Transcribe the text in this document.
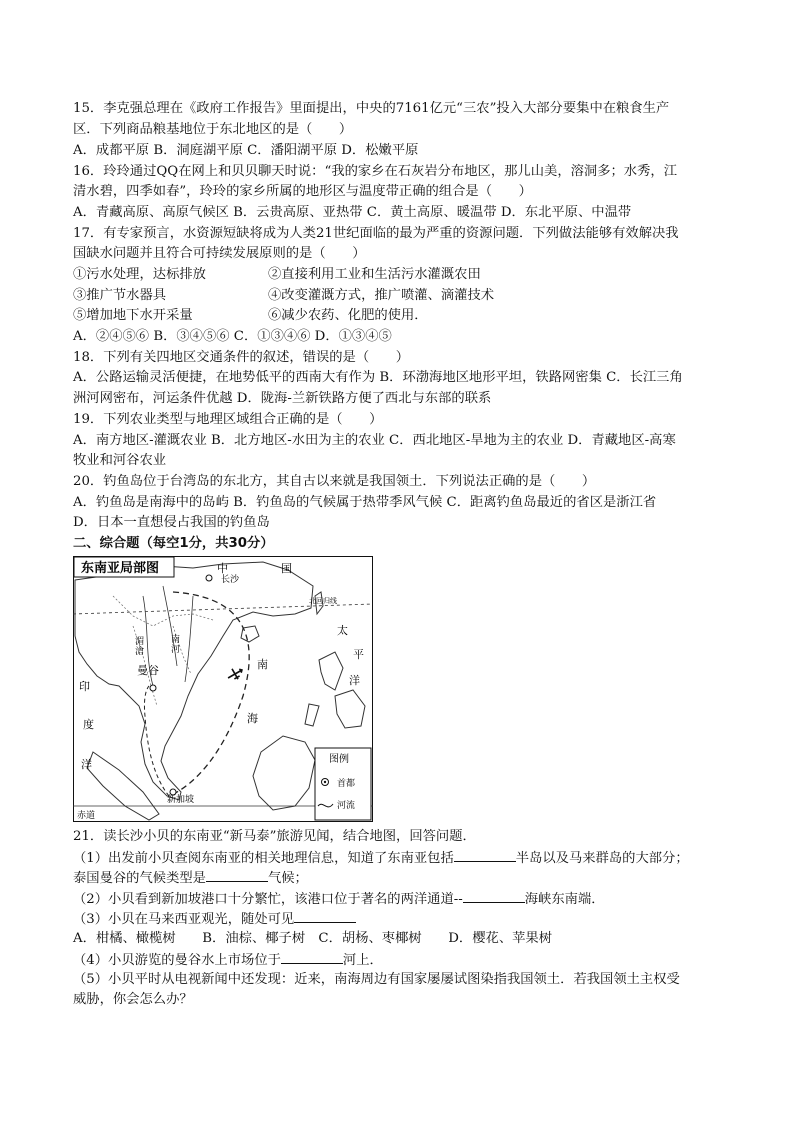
15．李克强总理在《政府工作报告》里面提出，中央的7161亿元“三农”投入大部分要集中在粮食生产
区．下列商品粮基地位于东北地区的是（　　）
A．成都平原 B．洞庭湖平原 C．潘阳湖平原 D．松嫩平原
16．玲玲通过QQ在网上和贝贝聊天时说：“我的家乡在石灰岩分布地区，那儿山美，溶洞多；水秀，江
清水碧，四季如春”，玲玲的家乡所属的地形区与温度带正确的组合是（　　）
A．青藏高原、高原气候区 B．云贵高原、亚热带 C．黄土高原、暖温带 D．东北平原、中温带
17．有专家预言，水资源短缺将成为人类21世纪面临的最为严重的资源问题．下列做法能够有效解决我
国缺水问题并且符合可持续发展原则的是（　　）
①污水处理，达标排放	②直接利用工业和生活污水灌溉农田
③推广节水器具	④改变灌溉方式，推广喷灌、滴灌技术
⑤增加地下水开采量	⑥减少农药、化肥的使用．
A．②④⑤⑥ B．③④⑤⑥ C．①③④⑥ D．①③④⑤
18．下列有关四地区交通条件的叙述，错误的是（　　）
A．公路运输灵活便捷，在地势低平的西南大有作为 B．环渤海地区地形平坦，铁路网密集 C．长江三角
洲河网密布，河运条件优越 D．陇海-兰新铁路方便了西北与东部的联系
19．下列农业类型与地理区域组合正确的是（　　）
A．南方地区-灌溉农业 B．北方地区-水田为主的农业 C．西北地区-旱地为主的农业 D．青藏地区-高寒
牧业和河谷农业
20．钓鱼岛位于台湾岛的东北方，其自古以来就是我国领土．下列说法正确的是（　　）
A．钓鱼岛是南海中的岛屿 B．钓鱼岛的气候属于热带季风气候 C．距离钓鱼岛最近的省区是浙江省
D．日本一直想侵占我国的钓鱼岛
二、综合题（每空1分，共30分）
东南亚局部图	中	国
长沙
北回归线
太
平
洋
南
海
印
度
洋
湄
滄
南
河
曼谷
新加坡
赤道
图例
首都
河流
21．读长沙小贝的东南亚“新马泰”旅游见闻，结合地图，回答问题．
（1）出发前小贝查阅东南亚的相关地理信息，知道了东南亚包括	半岛以及马来群岛的大部分；
泰国曼谷的气候类型是	气候；
（2）小贝看到新加坡港口十分繁忙，该港口位于著名的两洋通道--	海峡东南端．
（3）小贝在马来西亚观光，随处可见
A．柑橘、橄榄树　　B．油棕、椰子树　C．胡杨、枣椰树　　D．樱花、苹果树
（4）小贝游览的曼谷水上市场位于	河上．
（5）小贝平时从电视新闻中还发现：近来，南海周边有国家屡屡试图染指我国领土．若我国领土主权受
威胁，你会怎么办？
